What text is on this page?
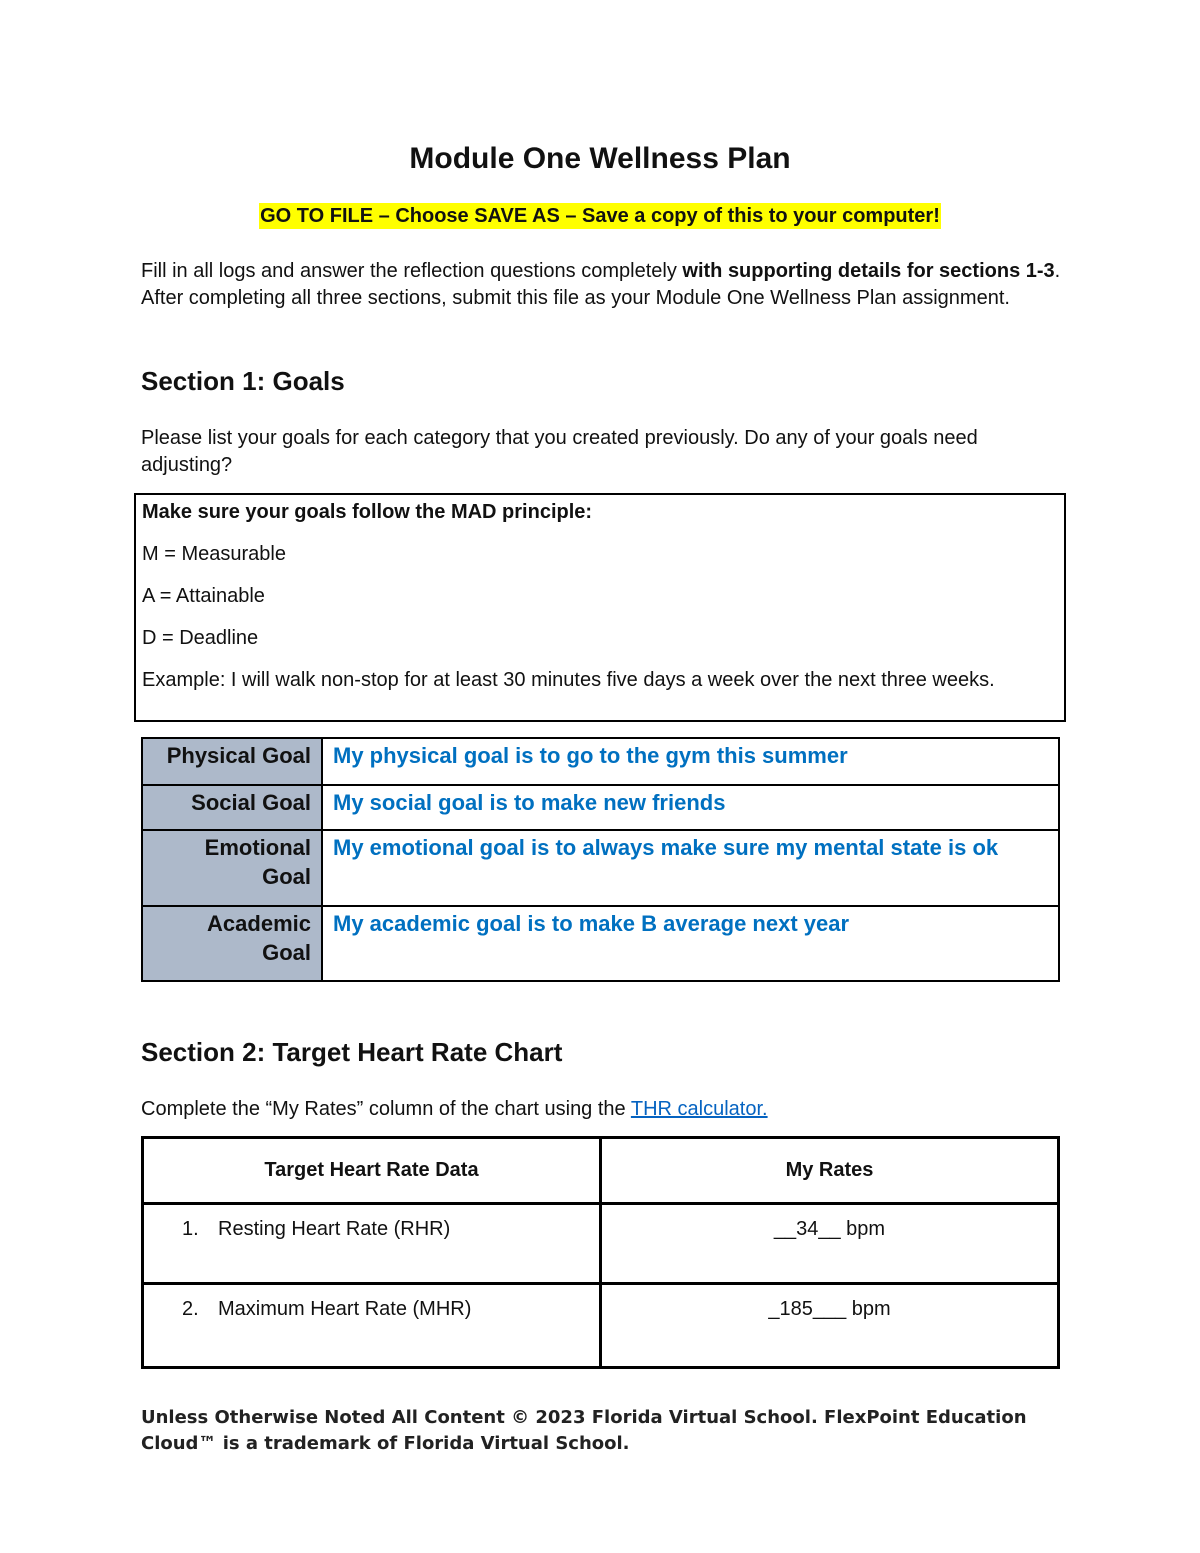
Module One Wellness Plan
GO TO FILE – Choose SAVE AS – Save a copy of this to your computer!
Fill in all logs and answer the reflection questions completely with supporting details for sections 1-3. After completing all three sections, submit this file as your Module One Wellness Plan assignment.
Section 1: Goals
Please list your goals for each category that you created previously. Do any of your goals need adjusting?
Make sure your goals follow the MAD principle:
M = Measurable
A = Attainable
D = Deadline
Example: I will walk non-stop for at least 30 minutes five days a week over the next three weeks.
Physical Goal	My physical goal is to go to the gym this summer
Social Goal	My social goal is to make new friends
Emotional Goal	My emotional goal is to always make sure my mental state is ok
Academic Goal	My academic goal is to make B average next year
Section 2: Target Heart Rate Chart
Complete the “My Rates” column of the chart using the THR calculator.
Target Heart Rate Data	My Rates
1. Resting Heart Rate (RHR)	__34__ bpm
2. Maximum Heart Rate (MHR)	_185___ bpm
Unless Otherwise Noted All Content © 2023 Florida Virtual School. FlexPoint Education Cloud™ is a trademark of Florida Virtual School.
